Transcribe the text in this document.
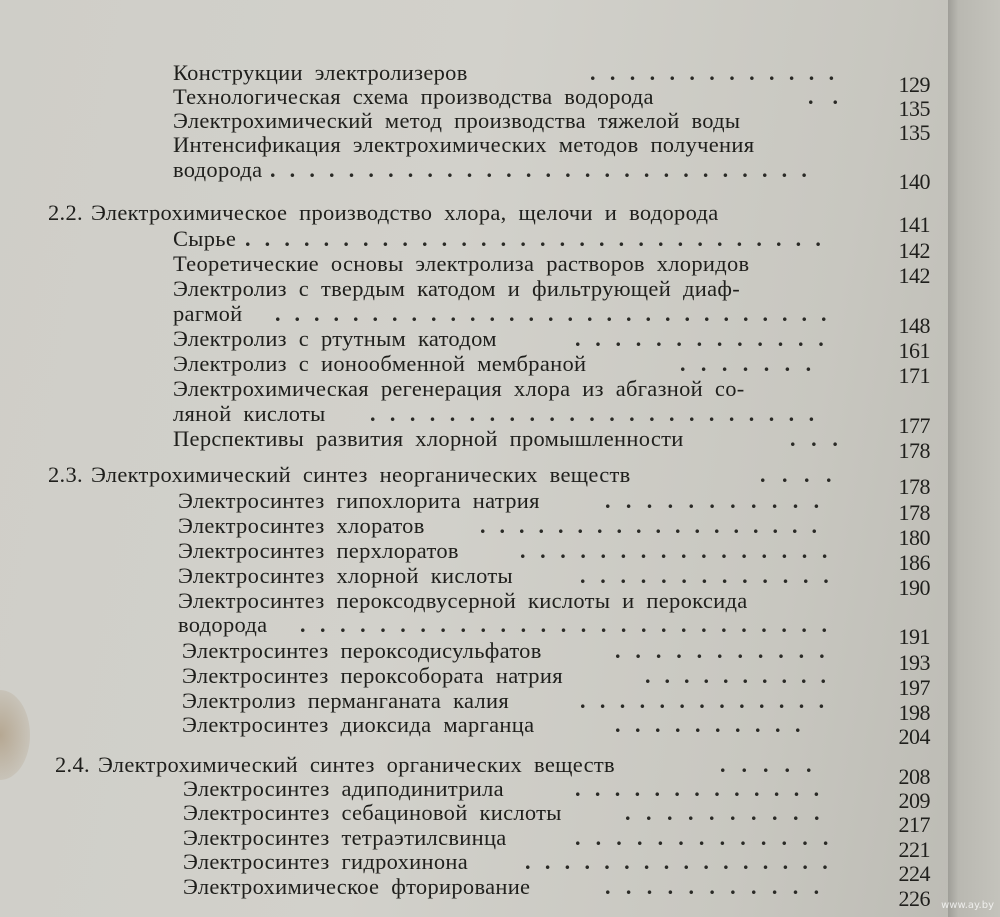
Конструкции электролизеров	.............	129
Технологическая схема производства водорода	..	135
Электрохимический метод производства тяжелой воды	135
Интенсификация электрохимических методов получения
водорода ............................	140
2.2. Электрохимическое производство хлора, щелочи и водорода	141
Сырье ..............................	142
Теоретические основы электролиза растворов хлоридов	142
Электролиз с твердым катодом и фильтрующей диаф-
рагмой .............................	148
Электролиз с ртутным катодом	.............	161
Электролиз с ионообменной мембраной	.......	171
Электрохимическая регенерация хлора из абгазной со-
ляной кислоты .......................	177
Перспективы развития хлорной промышленности	...	178
2.3. Электрохимический синтез неорганических веществ	....	178
Электросинтез гипохлорита натрия	...........	178
Электросинтез хлоратов	..................	180
Электросинтез перхлоратов	................	186
Электросинтез хлорной кислоты	.............	190
Электросинтез пероксодвусерной кислоты и пероксида
водорода ...........................	191
Электросинтез пероксодисульфатов	...........	193
Электросинтез пероксобората натрия	..........	197
Электролиз перманганата калия	.............	198
Электросинтез диоксида марганца	..........	204
2.4. Электрохимический синтез органических веществ	.....	208
Электросинтез адиподинитрила	.............	209
Электросинтез себациновой кислоты	..........	217
Электросинтез тетраэтилсвинца	.............	221
Электросинтез гидрохинона	................	224
Электрохимическое фторирование	...........	226 www.ay.by
